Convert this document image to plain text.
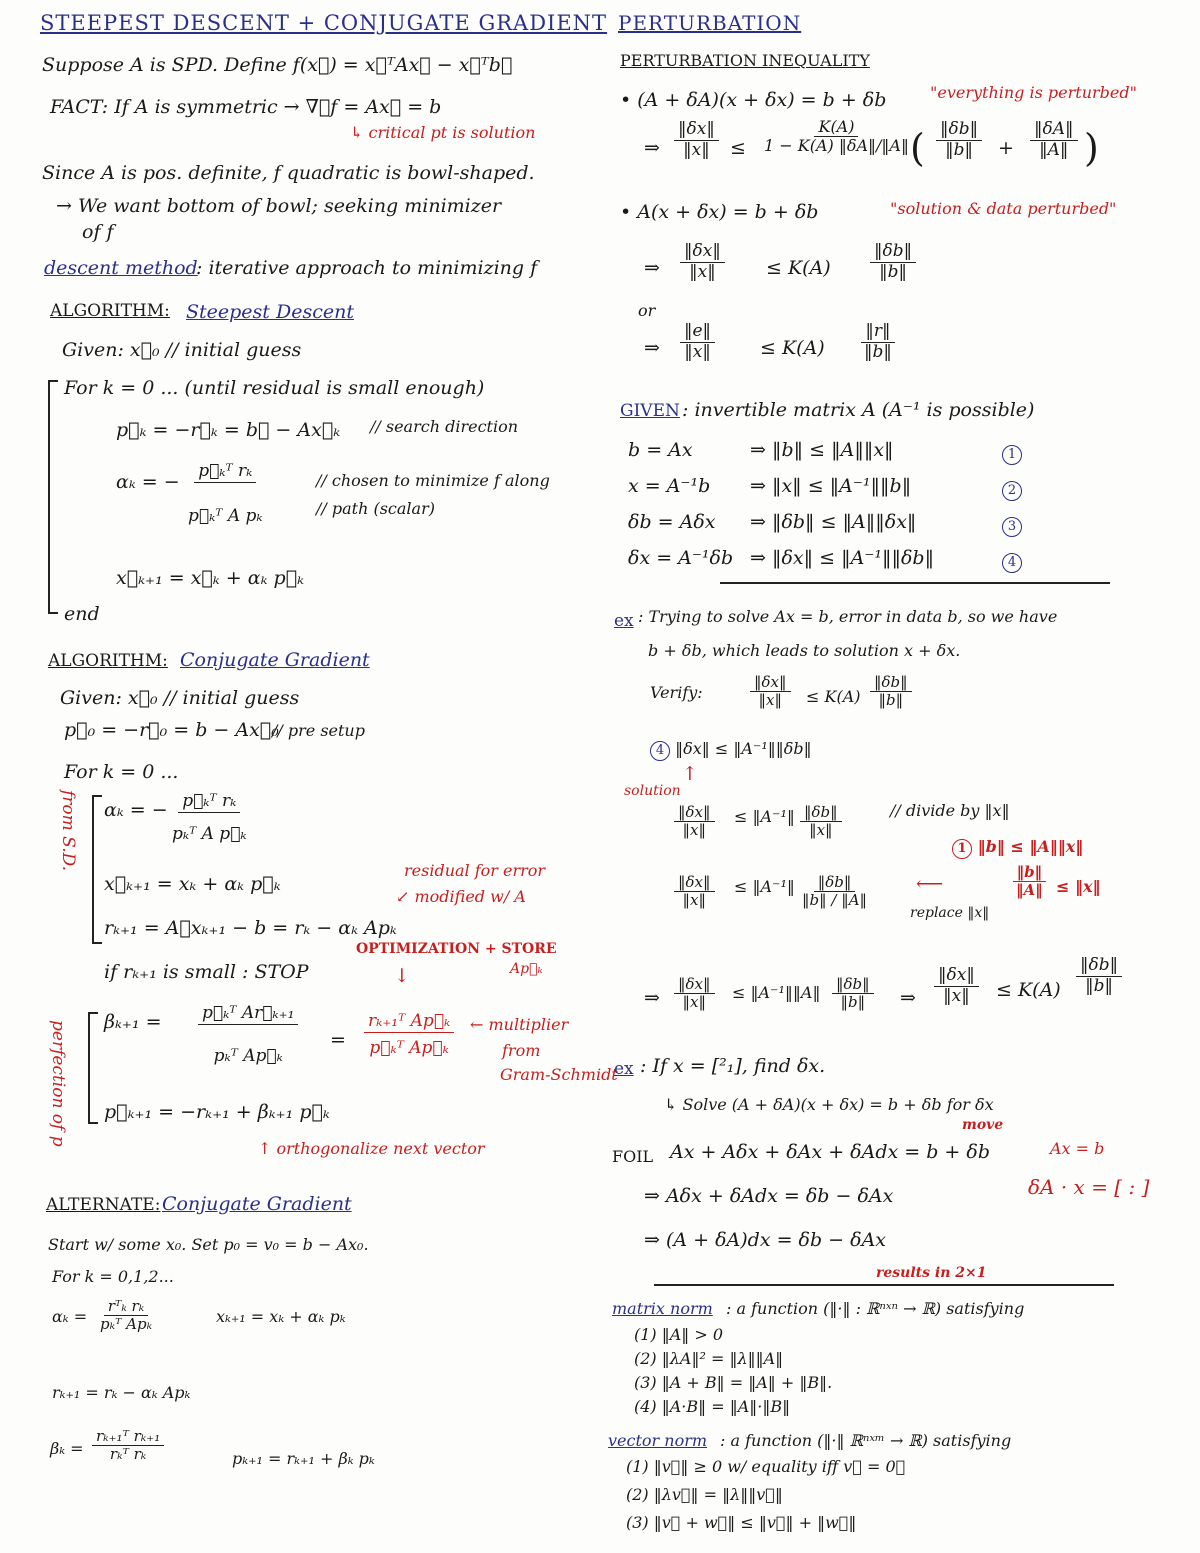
STEEPEST DESCENT + CONJUGATE GRADIENT
Suppose A is SPD. Define f(x⃗) = x⃗ᵀAx⃗ − x⃗ᵀb⃗
FACT: If A is symmetric → ∇⃗f = Ax⃗ = b
↳ critical pt is solution
Since A is pos. definite, f quadratic is bowl-shaped.
→ We want bottom of bowl; seeking minimizer
of f
descent method
: iterative approach to minimizing f
ALGORITHM: Steepest Descent
Given: x⃗₀ // initial guess
For k = 0 ... (until residual is small enough)
p⃗ₖ = −r⃗ₖ = b⃗ − Ax⃗ₖ // search direction
αₖ = − $\frac{\text{p⃗ₖᵀ rₖ}}{\text{p⃗ₖᵀ A pₖ}}$	// chosen to minimize f along
// path (scalar)
x⃗ₖ₊₁ = x⃗ₖ + αₖ p⃗ₖ
end
ALGORITHM: Conjugate Gradient
Given: x⃗₀ // initial guess
p⃗₀ = −r⃗₀ = b − Ax⃗₀
// pre setup
For k = 0 ...
from S.D. αₖ = − p⃗ₖᵀ rₖ
pₖᵀ A p⃗ₖ
x⃗ₖ₊₁ = xₖ + αₖ p⃗ₖ
rₖ₊₁ = A⃗xₖ₊₁ − b = rₖ − αₖ Apₖ
residual for error
↙ modified w/ A
OPTIMIZATION + STORE
Ap⃗ₖ
↓
if rₖ₊₁ is small : STOP
perfection of p βₖ₊₁ = p⃗ₖᵀ Ar⃗ₖ₊₁
pₖᵀ Ap⃗ₖ
= $\frac{\text{rₖ₊₁ᵀ Ap⃗ₖ}}{\text{p⃗ₖᵀ Ap⃗ₖ}}$ ← multiplier
from
Gram-Schmidt
p⃗ₖ₊₁ = −rₖ₊₁ + βₖ₊₁ p⃗ₖ
↑ orthogonalize next vector
ALTERNATE: Conjugate Gradient
Start w/ some x₀. Set p₀ = v₀ = b − Ax₀.
For k = 0,1,2...
αₖ =
rᵀₖ rₖ
pₖᵀ Apₖ	xₖ₊₁ = xₖ + αₖ pₖ
rₖ₊₁ = rₖ − αₖ Apₖ
βₖ =
rₖ₊₁ᵀ rₖ₊₁
rₖᵀ rₖ	pₖ₊₁ = rₖ₊₁ + βₖ pₖ
PERTURBATION
PERTURBATION INEQUALITY
• (A + δA)(x + δx) = b + δb	"everything is perturbed"
⇒ $\frac{‖\delta x‖}{‖x‖} \le \frac{K(A)}{1 - K(A) ‖\delta A‖/‖A‖}$
( $\frac{‖\delta b‖}{‖b‖} + \frac{‖\delta A‖}{‖A‖}$ )
• A(x + δx) = b + δb	"solution & data perturbed"
⇒ $\frac{‖\delta x‖}{‖x‖} \le K(A) \frac{‖\delta b‖}{‖b‖}$
or
⇒ $\frac{‖e‖}{‖x‖} \le K(A) \frac{‖r‖}{‖b‖}$
GIVEN : invertible matrix A (A⁻¹ is possible)
ex : Trying to solve Ax = b, error in data b, so we have
b + δb, which leads to solution x + δx.
Verify:	$\frac{‖\delta x‖}{‖x‖} \le K(A) \frac{‖\delta b‖}{‖b‖}$
4 ‖δx‖ ≤ ‖A⁻¹‖‖δb‖
solution
↑
$\frac{‖\delta x‖}{‖x‖}$ ≤ ‖A⁻¹‖ $\frac{‖\delta b‖}{‖x‖}$	// divide by ‖x‖
1 ‖b‖ ≤ ‖A‖‖x‖
$\frac{‖\delta x‖}{‖x‖}$ ≤ ‖A⁻¹‖ $\frac{‖\delta b‖}{‖b‖ / ‖A‖}$ ⟵
replace ‖x‖
$\frac{‖b‖}{‖A‖}$ ≤ ‖x‖
⇒ $\frac{‖\delta x‖}{‖x‖}$ ≤ ‖A⁻¹‖‖A‖ $\frac{‖\delta b‖}{‖b‖}$ ⇒ $\frac{‖\delta x‖}{‖x‖} \le K(A) \frac{‖\delta b‖}{‖b‖}$
ex : If x = [²₁], find δx.
↳ Solve (A + δA)(x + δx) = b + δb for δx
move
FOIL Ax + Aδx + δAx + δAdx = b + δb	Ax = b
⇒ Aδx + δAdx = δb − δAx	δA · x = [ : ]
⇒ (A + δA)dx = δb − δAx
results in 2×1
matrix norm : a function (‖·‖ : ℝⁿˣⁿ → ℝ) satisfying
vector norm : a function (‖·‖ ℝⁿˣᵐ → ℝ) satisfying
b = Ax	⇒ ‖b‖ ≤ ‖A‖‖x‖	1
x = A⁻¹b ⇒ ‖x‖ ≤ ‖A⁻¹‖‖b‖	2
δb = Aδx ⇒ ‖δb‖ ≤ ‖A‖‖δx‖	3
δx = A⁻¹δb ⇒ ‖δx‖ ≤ ‖A⁻¹‖‖δb‖	4
(1) ‖A‖ > 0
(2) ‖λA‖² = ‖λ‖‖A‖
(3) ‖A + B‖ = ‖A‖ + ‖B‖.
(4) ‖A·B‖ = ‖A‖·‖B‖
(1) ‖v⃗‖ ≥ 0 w/ equality iff v⃗ = 0⃗
(2) ‖λv⃗‖ = ‖λ‖‖v⃗‖
(3) ‖v⃗ + w⃗‖ ≤ ‖v⃗‖ + ‖w⃗‖
